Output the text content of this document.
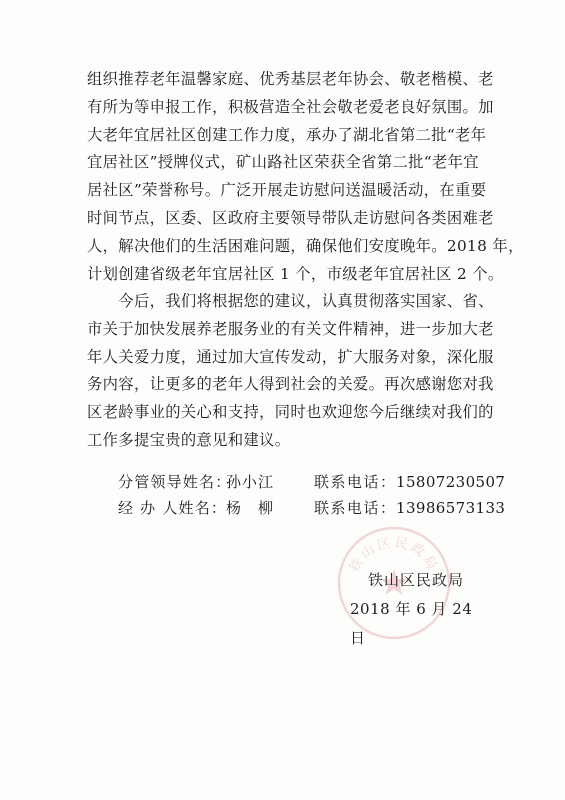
组织推荐老年温馨家庭、优秀基层老年协会、敬老楷模、老
有所为等申报工作，积极营造全社会敬老爱老良好氛围。加
大老年宜居社区创建工作力度，承办了湖北省第二批“老年
宜居社区”授牌仪式，矿山路社区荣获全省第二批“老年宜
居社区”荣誉称号。广泛开展走访慰问送温暖活动，在重要
时间节点，区委、区政府主要领导带队走访慰问各类困难老
人，解决他们的生活困难问题，确保他们安度晚年。2018 年，
计划创建省级老年宜居社区 1 个，市级老年宜居社区 2 个。
　　今后，我们将根据您的建议，认真贯彻落实国家、省、
市关于加快发展养老服务业的有关文件精神，进一步加大老
年人关爱力度，通过加大宣传发动，扩大服务对象，深化服
务内容，让更多的老年人得到社会的关爱。再次感谢您对我
区老龄事业的关心和支持，同时也欢迎您今后继续对我们的
工作多提宝贵的意见和建议。
分管领导姓名：
孙小江	联系电话： 15807230507
经 办 人姓名：
杨　柳	联系电话： 13986573133
铁山区民政局
铁山区民政局
2018 年 6 月 24 日
